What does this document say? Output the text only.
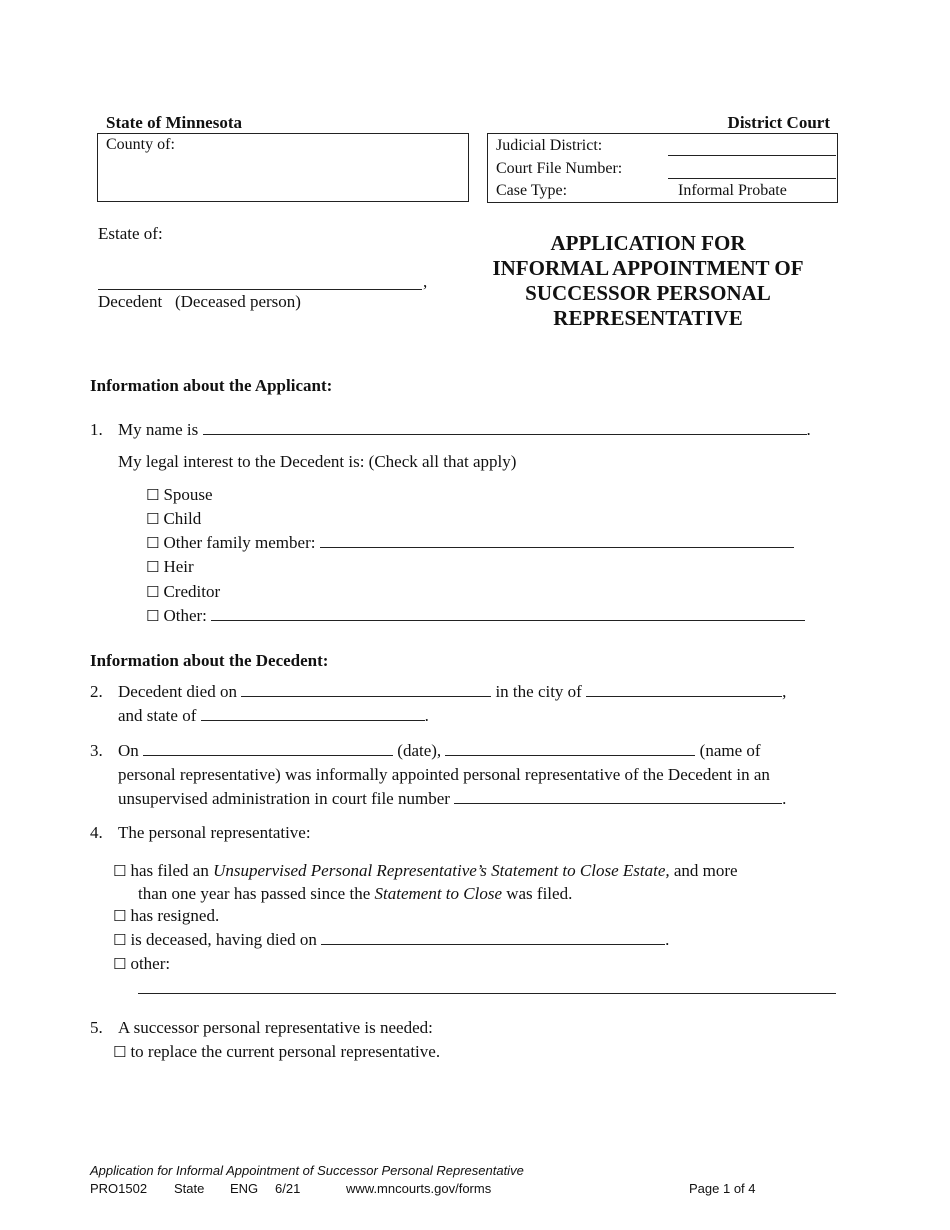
State of Minnesota	District Court
County of:	Judicial District:
Court File Number:
Case Type:	Informal Probate
Estate of:
,
Decedent (Deceased person)
APPLICATION FOR
INFORMAL APPOINTMENT OF
SUCCESSOR PERSONAL
REPRESENTATIVE
Information about the Applicant:
1. My name is	.
My legal interest to the Decedent is: (Check all that apply)
☐ Spouse
☐ Child
☐ Other family member:
☐ Heir
☐ Creditor
☐ Other:
Information about the Decedent:
2. Decedent died on	in the city of	,
and state of	.
3. On	(date),	(name of
personal representative) was informally appointed personal representative of the Decedent in an
unsupervised administration in court file number	.
4. The personal representative:
☐ has filed an Unsupervised Personal Representative’s Statement to Close Estate, and more
than one year has passed since the Statement to Close was filed.
☐ has resigned.
☐ is deceased, having died on	.
☐ other:
5. A successor personal representative is needed:
☐ to replace the current personal representative.
Application for Informal Appointment of Successor Personal Representative
PRO1502 State ENG 6/21	www.mncourts.gov/forms	Page 1 of 4
